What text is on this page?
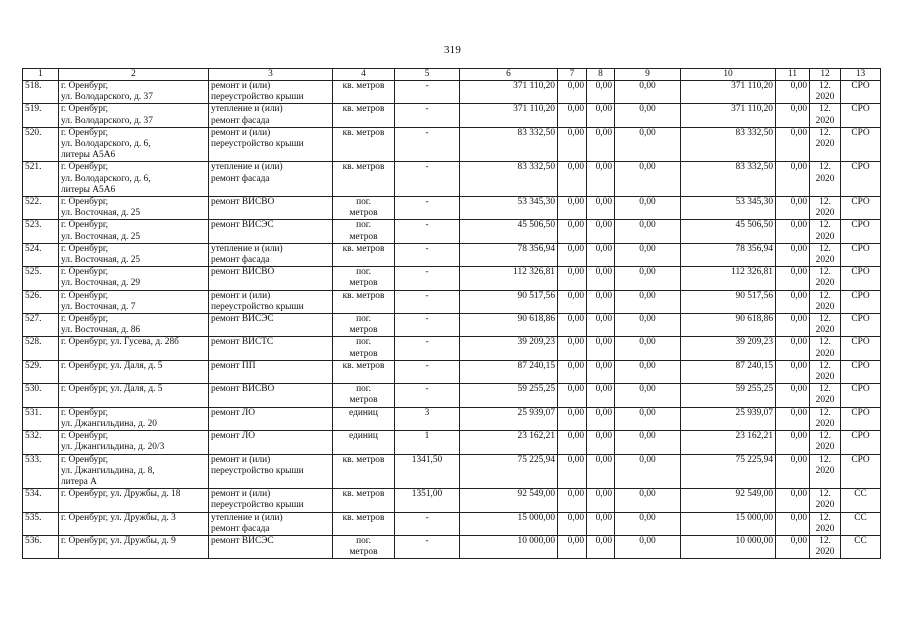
319
1	2	3	4	5	6	7	8	9	10	11	12	13
518.	г. Оренбург,
ул. Володарского, д. 37	ремонт и (или)
переустройство крыши	кв. метров	-	371 110,20	0,00	0,00	0,00	371 110,20	0,00	12.
2020	СРО
519.	г. Оренбург,
ул. Володарского, д. 37	утепление и (или)
ремонт фасада	кв. метров	-	371 110,20	0,00	0,00	0,00	371 110,20	0,00	12.
2020	СРО
520.	г. Оренбург,
ул. Володарского, д. 6,
литеры А5А6	ремонт и (или)
переустройство крыши	кв. метров	-	83 332,50	0,00	0,00	0,00	83 332,50	0,00	12.
2020	СРО
521.	г. Оренбург,
ул. Володарского, д. 6,
литеры А5А6	утепление и (или)
ремонт фасада	кв. метров	-	83 332,50	0,00	0,00	0,00	83 332,50	0,00	12.
2020	СРО
522.	г. Оренбург,
ул. Восточная, д. 25	ремонт ВИСВО	пог.
метров	-	53 345,30	0,00	0,00	0,00	53 345,30	0,00	12.
2020	СРО
523.	г. Оренбург,
ул. Восточная, д. 25	ремонт ВИСЭС	пог.
метров	-	45 506,50	0,00	0,00	0,00	45 506,50	0,00	12.
2020	СРО
524.	г. Оренбург,
ул. Восточная, д. 25	утепление и (или)
ремонт фасада	кв. метров	-	78 356,94	0,00	0,00	0,00	78 356,94	0,00	12.
2020	СРО
525.	г. Оренбург,
ул. Восточная, д. 29	ремонт ВИСВО	пог.
метров	-	112 326,81	0,00	0,00	0,00	112 326,81	0,00	12.
2020	СРО
526.	г. Оренбург,
ул. Восточная, д. 7	ремонт и (или)
переустройство крыши	кв. метров	-	90 517,56	0,00	0,00	0,00	90 517,56	0,00	12.
2020	СРО
527.	г. Оренбург,
ул. Восточная, д. 86	ремонт ВИСЭС	пог.
метров	-	90 618,86	0,00	0,00	0,00	90 618,86	0,00	12.
2020	СРО
528.	г. Оренбург, ул. Гусева, д. 28б	ремонт ВИСТС	пог.
метров	-	39 209,23	0,00	0,00	0,00	39 209,23	0,00	12.
2020	СРО
529.	г. Оренбург, ул. Даля, д. 5	ремонт ПП	кв. метров	-	87 240,15	0,00	0,00	0,00	87 240,15	0,00	12.
2020	СРО
530.	г. Оренбург, ул. Даля, д. 5	ремонт ВИСВО	пог.
метров	-	59 255,25	0,00	0,00	0,00	59 255,25	0,00	12.
2020	СРО
531.	г. Оренбург,
ул. Джангильдина, д. 20	ремонт ЛО	единиц	3	25 939,07	0,00	0,00	0,00	25 939,07	0,00	12.
2020	СРО
532.	г. Оренбург,
ул. Джангильдина, д. 20/3	ремонт ЛО	единиц	1	23 162,21	0,00	0,00	0,00	23 162,21	0,00	12.
2020	СРО
533.	г. Оренбург,
ул. Джангильдина, д. 8,
литера А	ремонт и (или)
переустройство крыши	кв. метров	1341,50	75 225,94	0,00	0,00	0,00	75 225,94	0,00	12.
2020	СРО
534.	г. Оренбург, ул. Дружбы, д. 18	ремонт и (или)
переустройство крыши	кв. метров	1351,00	92 549,00	0,00	0,00	0,00	92 549,00	0,00	12.
2020	СС
535.	г. Оренбург, ул. Дружбы, д. 3	утепление и (или)
ремонт фасада	кв. метров	-	15 000,00	0,00	0,00	0,00	15 000,00	0,00	12.
2020	СС
536.	г. Оренбург, ул. Дружбы, д. 9	ремонт ВИСЭС	пог.
метров	-	10 000,00	0,00	0,00	0,00	10 000,00	0,00	12.
2020	СС
